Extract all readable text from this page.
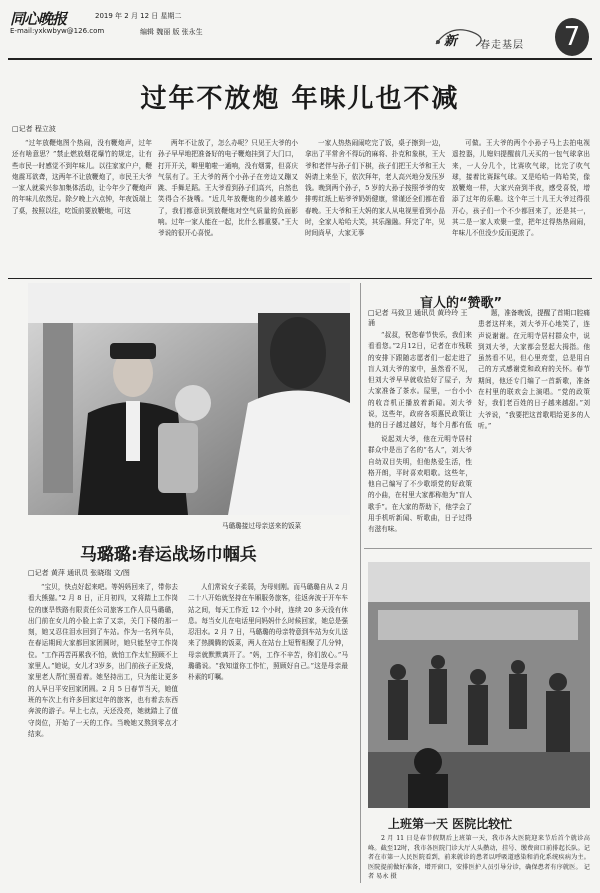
同心晚报
E-mail:yxkwbyw@126.com
2019 年 2 月 12 日 星期二
编辑 魏丽 版 张永生
新 春走基层	7
过年不放炮 年味儿也不减
□记者 程立波

“过年放鞭炮图个热闹，没有鞭炮声，过年还有啥意思？”禁止燃放烟花爆竹的规定，让有些市民一时感觉不到年味儿。以往家家户户，鞭炮震耳欲聋，这两年不让放鞭炮了，市民王大爷一家人就乘兴参加集体活动，让今年少了鞭炮声的年味儿依然足。除夕晚上六点钟，年夜饭端上了桌，按照以往，吃饭前要放鞭炮，可这

两年不让放了，怎么办呢？只见王大爷的小孙子早早地把准备好的电子鞭炮挂到了大门口，打开开关，噼里啪啦一通响，没有烟雾，但喜庆气氛有了。王大爷的两个小孙子在旁边又蹦又跳、手舞足蹈。王大爷看到孙子们高兴，自然也笑得合不拢嘴。“近几年放鞭炮的少越来越少了，我们都意识到放鞭炮对空气质量的负面影响。过年一家人能在一起，比什么都重要。”王大爷说的很开心喜悦。

一家人热热闹闹吃完了饭，桌子擦到一边，拿出了平常舍不得玩的麻将、扑克和象棋，王大爷和老伴与孙子们下棋，孩子们把王大爷和王大妈请上来坐下，依次拜年，老人高兴地分发压岁钱。晚到两个孙子，5 岁的大孙子按照爷爷的安排剪红纸上贴爷爷奶奶健康，常谨还全们都在看春晚。王大爷和王大妈的家人从电视里看到小品时，全家人哈哈大笑，其乐融融。拜完了年，见时间尚早，大家无事

可做。王大爷的两个小孙子马上去拍电视遥控器，儿媳妇提醒前几天买的一包气球拿出来，一人分几个，比赛吹气球，比完了吹气球，接着比赛踩气球。又是哈哈一阵哈笑，像放鞭炮一样，大家兴奋到半夜，感受喜悦，增添了过年的乐趣。这个年三十儿王大爷过得很开心，孩子们一个不少都回来了，还是其一，其二是一家人欢聚一堂，把年过得热热闹闹，年味儿不但没少反而更浓了。

马璐璐接过母亲送来的饭菜
马璐璐:春运战场巾帼兵
□记者 黄萍 通讯员 张晓瑞 文/图

“宝贝，快点好起来吧。等妈妈回来了，带你去看大熊猫。”2 月 8 日，正月初四，又将踏上工作岗位的康旱铁路有限责任公司旅客工作人员马璐璐，出门前在女儿的小脸上亲了又亲，关门下楼的那一刻，她又忍住泪水回到了车站。作为一名列车员，在春运期间大家都回家团圆时，她只能坚守工作岗位。“工作再苦再累我不怕，就怕工作太忙照顾不上家里人。”她说，女儿才3岁多，出门前孩子正发烧，家里老人帮忙照看着。她坚持出工，只为能让更多的人早日平安回家团圆。2 月 5 日春节当天，她值班的车次上有许多回家过年的旅客，也有着去东西奔波的游子。早上七点，天还没亮，她就踏上了值守岗位，开始了一天的工作。当晚她又熬到零点才结束。

人们常说女子柔弱，为母则刚。而马璐璐自从 2 月二十八开始就坚持在车厢服务旅客，往返奔波于开车车站之间，每天工作近 12 个小时，连续 20 多天没有休息。每当女儿在电话里问妈妈什么时候回家，她总是强忍泪水。2 月 7 日，马璐璐的母亲特意到车站为女儿送来了热腾腾的饭菜，两人在站台上短暂相聚了几分钟，母亲就默默离开了。“妈，工作不辛苦，你们放心。”马璐璐说。“我知道你工作忙，照顾好自己。”这是母亲最朴素的叮嘱。

盲人的“赞歌”
□记者 马致卫 通讯员 黄玲玲 王涌

“叔叔，祝您春节快乐，我们来看看您。”2月12日，记者在市残联的安排下跟随志愿者们一起走进了盲人刘大爷的家中，虽然看不见，但刘大爷早早就收拾好了屋子，为大家准备了茶水。屋里，一台小小的收音机正播放着新闻。刘大爷说，这些年，政府各项惠民政策让他的日子越过越好，每个月都有低

说起刘大爷，他在元明寺居村群众中是出了名的“名人”，刘大爷自幼双目失明，但他热爱生活，性格开朗，平时喜欢唱歌。这些年，他自己编写了不少歌颂党的好政策的小曲，在村里大家都称他为“盲人歌手”。在大家的帮助下，他学会了用手机听新闻、听歌曲，日子过得有滋有味。

题，准备晚饭，提醒了首期口腔痛患者这样来，刘大爷开心地笑了，连声说谢谢。在元明寺居村群众中，说到刘大爷，大家都会竖起大拇指。他虽然看不见，但心里亮堂，总是用自己的方式感谢党和政府的关怀。春节期间，他还专门编了一首新歌，准备在村里的联欢会上演唱。“党的政策好，我们老百姓的日子越来越甜。”刘大爷说，“我要把这首歌唱给更多的人听。”

上班第一天 医院比较忙

2 月 11 日是春节假期后上班第一天，我市各大医院迎来节后首个就诊高峰。截至12时，我市各医院门诊大厅人头攒动，挂号、缴费窗口前排起长队。记者在市第一人民医院看到，前来就诊的患者以呼吸道感染和消化系统疾病为主。医院提前做好准备，增开窗口，安排医护人员引导分诊，确保患者有序就医。 记者 易永 摄
